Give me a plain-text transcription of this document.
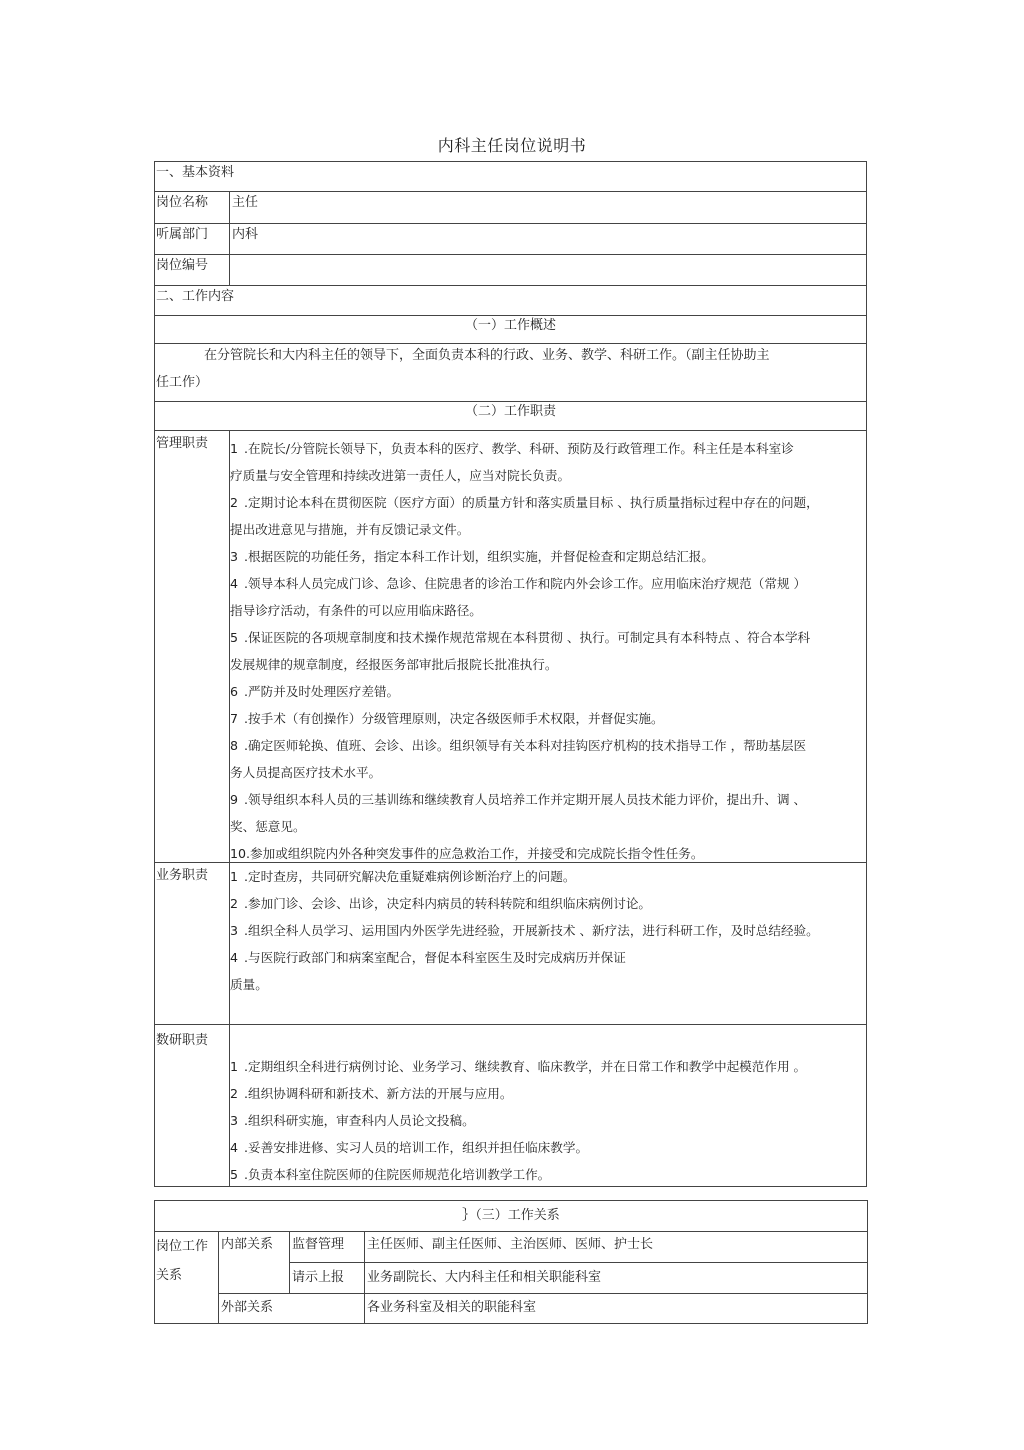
内科主任岗位说明书
一、基本资料
岗位名称 主任
听属部门 内科
岗位编号
二、工作内容
（一）工作概述
在分管院长和大内科主任的领导下，全面负责本科的行政、业务、教学、科研工作。（副主任协助主
任工作）
（二）工作职责
管理职责 1 .在院长/分管院长领导下，负责本科的医疗、教学、科研、预防及行政管理工作。科主任是本科室诊

疗质量与安全管理和持续改进第一责任人，应当对院长负责。

2 .定期讨论本科在贯彻医院（医疗方面）的质量方针和落实质量目标 、执行质量指标过程中存在的问题，

提出改进意见与措施，并有反馈记录文件。

3 .根据医院的功能任务，指定本科工作计划，组织实施，并督促检查和定期总结汇报。

4 .领导本科人员完成门诊、急诊、住院患者的诊治工作和院内外会诊工作。应用临床治疗规范（常规 ）

指导诊疗活动，有条件的可以应用临床路径。

5 .保证医院的各项规章制度和技术操作规范常规在本科贯彻 、执行。可制定具有本科特点 、符合本学科

发展规律的规章制度，经报医务部审批后报院长批准执行。

6 .严防并及时处理医疗差错。

7 .按手术（有创操作）分级管理原则，决定各级医师手术权限，并督促实施。

8 .确定医师轮换、值班、会诊、出诊。组织领导有关本科对挂钩医疗机构的技术指导工作 ，帮助基层医

务人员提高医疗技术水平。

9 .领导组织本科人员的三基训练和继续教育人员培养工作并定期开展人员技术能力评价，提出升、调 、

奖、惩意见。

10.参加或组织院内外各种突发事件的应急救治工作，并接受和完成院长指令性任务。

业务职责 1 .定时查房，共同研究解决危重疑难病例诊断治疗上的问题。

2 .参加门诊、会诊、出诊，决定科内病员的转科转院和组织临床病例讨论。

3 .组织全科人员学习、运用国内外医学先进经验，开展新技术 、新疗法，进行科研工作，及时总结经验。

4 .与医院行政部门和病案室配合，督促本科室医生及时完成病历并保证

质量。

数研职责

1 .定期组织全科进行病例讨论、业务学习、继续教育、临床教学，并在日常工作和教学中起模范作用 。

2 .组织协调科研和新技术、新方法的开展与应用。

3 .组织科研实施，审查科内人员论文投稿。

4 .妥善安排进修、实习人员的培训工作，组织并担任临床教学。

5 .负责本科室住院医师的住院医师规范化培训教学工作。

｝（三）工作关系
岗位工作
关系
内部关系 监督管理 主任医师、副主任医师、主治医师、医师、护士长
请示上报 业务副院长、大内科主任和相关职能科室
外部关系	各业务科室及相关的职能科室
